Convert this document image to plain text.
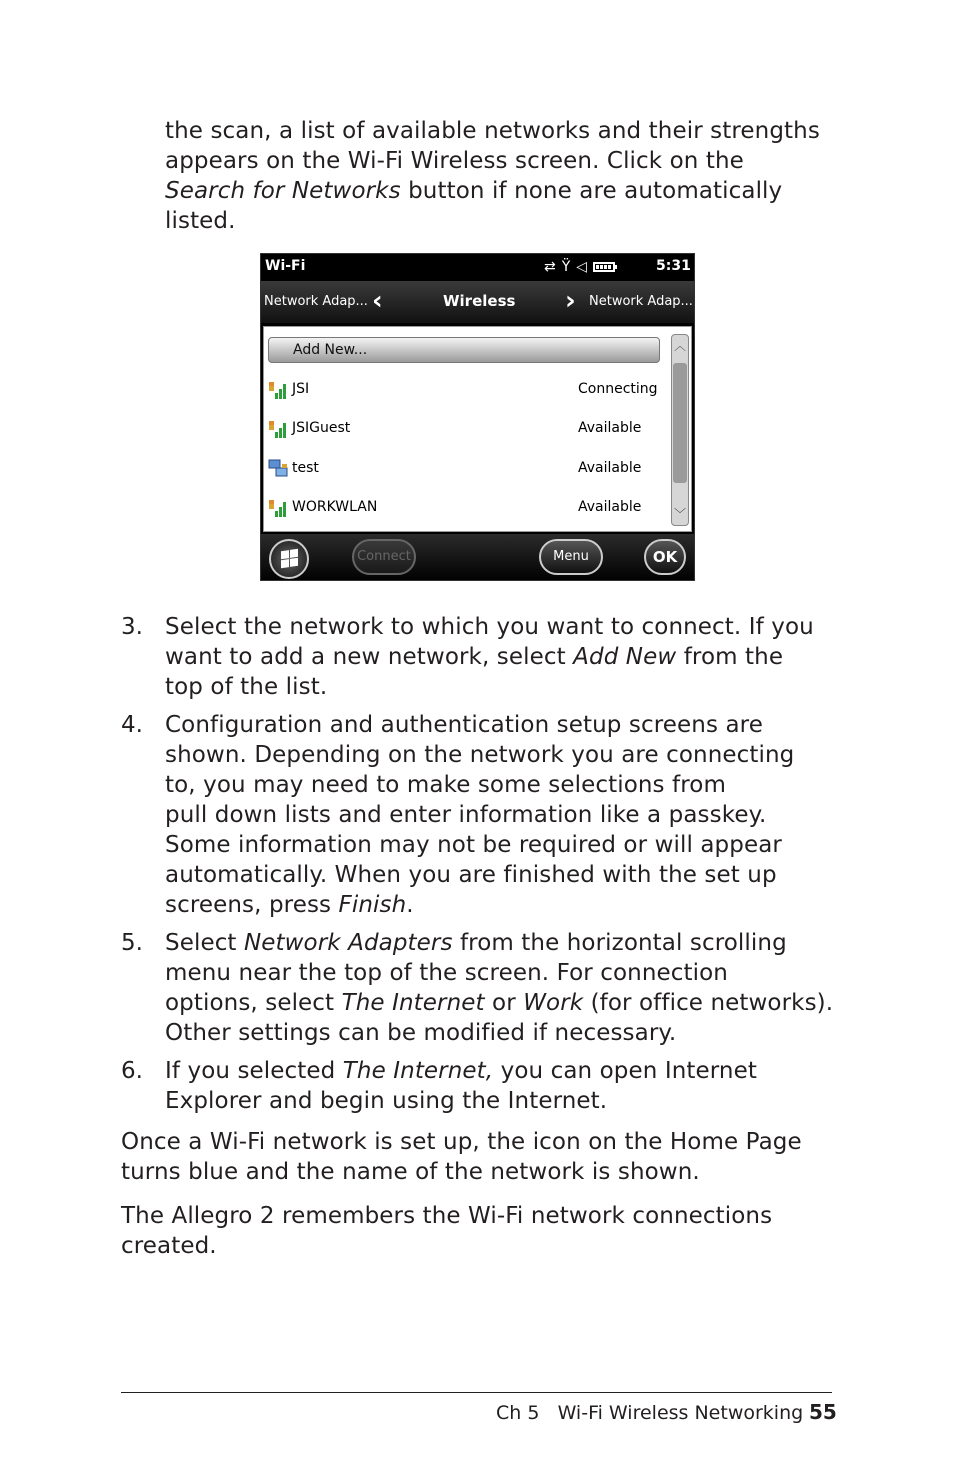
the scan, a list of available networks and their strengths
appears on the Wi-Fi Wireless screen. Click on the
Search for Networks button if none are automatically
listed.

Wi-Fi	⇄ Ÿ ◁	5:31
Network Adap... ‹	Wireless › Network Adap...
Add New...
JSI	Connecting
JSIGuest	Available
test	Available
WORKWLAN	Available
︿
﹀
Connect	Menu	OK
3. Select the network to which you want to connect. If you
want to add a new network, select Add New from the
top of the list.

4. Configuration and authentication setup screens are
shown. Depending on the network you are connecting
to, you may need to make some selections from
pull down lists and enter information like a passkey.
Some information may not be required or will appear
automatically. When you are finished with the set up
screens, press Finish.

5. Select Network Adapters from the horizontal scrolling
menu near the top of the screen. For connection
options, select The Internet or Work (for office networks).
Other settings can be modified if necessary.

6. If you selected The Internet, you can open Internet
Explorer and begin using the Internet.

Once a Wi-Fi network is set up, the icon on the Home Page
turns blue and the name of the network is shown.

The Allegro 2 remembers the Wi-Fi network connections
created.

Ch 5 Wi-Fi Wireless Networking 55
